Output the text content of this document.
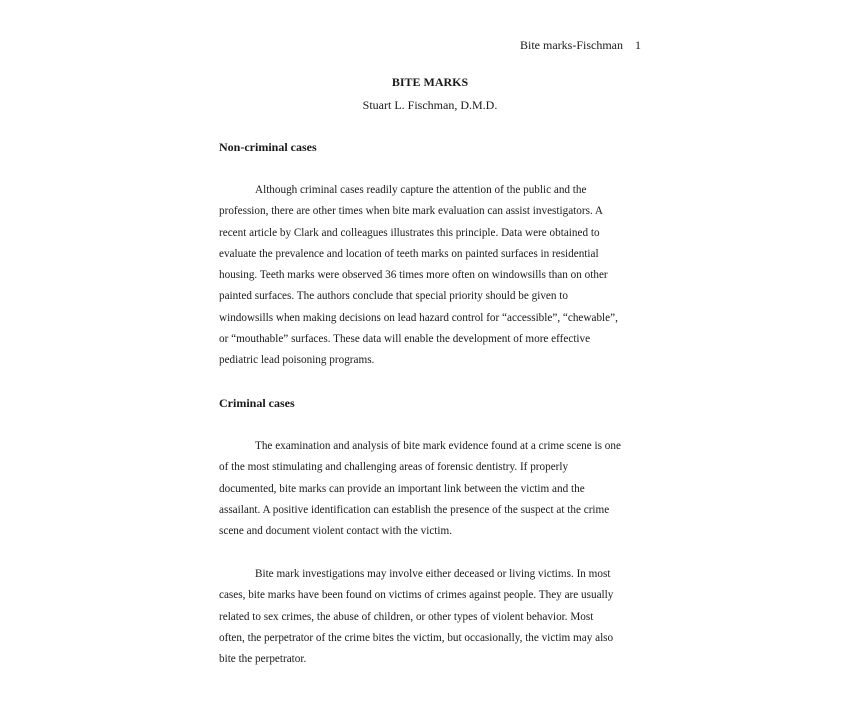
Bite marks-Fischman 1
BITE MARKS
Stuart L. Fischman, D.M.D.
Non-criminal cases
Although criminal cases readily capture the attention of the public and the
profession, there are other times when bite mark evaluation can assist investigators. A
recent article by Clark and colleagues illustrates this principle. Data were obtained to
evaluate the prevalence and location of teeth marks on painted surfaces in residential
housing. Teeth marks were observed 36 times more often on windowsills than on other
painted surfaces. The authors conclude that special priority should be given to
windowsills when making decisions on lead hazard control for “accessible”, “chewable”,
or “mouthable” surfaces. These data will enable the development of more effective
pediatric lead poisoning programs.
Criminal cases
The examination and analysis of bite mark evidence found at a crime scene is one
of the most stimulating and challenging areas of forensic dentistry. If properly
documented, bite marks can provide an important link between the victim and the
assailant. A positive identification can establish the presence of the suspect at the crime
scene and document violent contact with the victim.
Bite mark investigations may involve either deceased or living victims. In most
cases, bite marks have been found on victims of crimes against people. They are usually
related to sex crimes, the abuse of children, or other types of violent behavior. Most
often, the perpetrator of the crime bites the victim, but occasionally, the victim may also
bite the perpetrator.
